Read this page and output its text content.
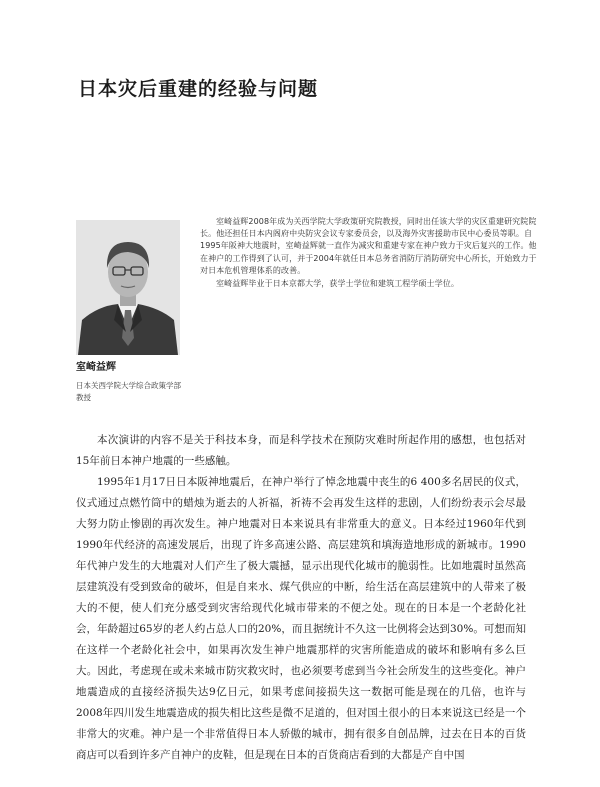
日本灾后重建的经验与问题

室崎益辉2008年成为关西学院大学政策研究院教授，同时出任该大学的灾区重建研究院院长。他还担任日本内阁府中央防灾会议专家委员会，以及海外灾害援助市民中心委员等职。自1995年阪神大地震时，室崎益辉就一直作为减灾和重建专家在神户致力于灾后复兴的工作。他在神户的工作得到了认可，并于2004年就任日本总务省消防厅消防研究中心所长，开始致力于对日本危机管理体系的改善。

室崎益辉毕业于日本京都大学，获学士学位和建筑工程学硕士学位。

室崎益辉
日本关西学院大学综合政策学部
教授

本次演讲的内容不是关于科技本身，而是科学技术在预防灾难时所起作用的感想，也包括对15年前日本神户地震的一些感触。

1995年1月17日日本阪神地震后，在神户举行了悼念地震中丧生的6 400多名居民的仪式，仪式通过点燃竹筒中的蜡烛为逝去的人祈福，祈祷不会再发生这样的悲剧，人们纷纷表示会尽最大努力防止惨剧的再次发生。神户地震对日本来说具有非常重大的意义。日本经过1960年代到1990年代经济的高速发展后，出现了许多高速公路、高层建筑和填海造地形成的新城市。1990年代神户发生的大地震对人们产生了极大震撼，显示出现代化城市的脆弱性。比如地震时虽然高层建筑没有受到致命的破坏，但是自来水、煤气供应的中断，给生活在高层建筑中的人带来了极大的不便，使人们充分感受到灾害给现代化城市带来的不便之处。现在的日本是一个老龄化社会，年龄超过65岁的老人约占总人口的20%，而且据统计不久这一比例将会达到30%。可想而知在这样一个老龄化社会中，如果再次发生神户地震那样的灾害所能造成的破坏和影响有多么巨大。因此，考虑现在或未来城市防灾救灾时，也必须要考虑到当今社会所发生的这些变化。神户地震造成的直接经济损失达9亿日元，如果考虑间接损失这一数据可能是现在的几倍，也许与2008年四川发生地震造成的损失相比这些是微不足道的，但对国土很小的日本来说这已经是一个非常大的灾难。神户是一个非常值得日本人骄傲的城市，拥有很多自创品牌，过去在日本的百货商店可以看到许多产自神户的皮鞋，但是现在日本的百货商店看到的大都是产自中国
